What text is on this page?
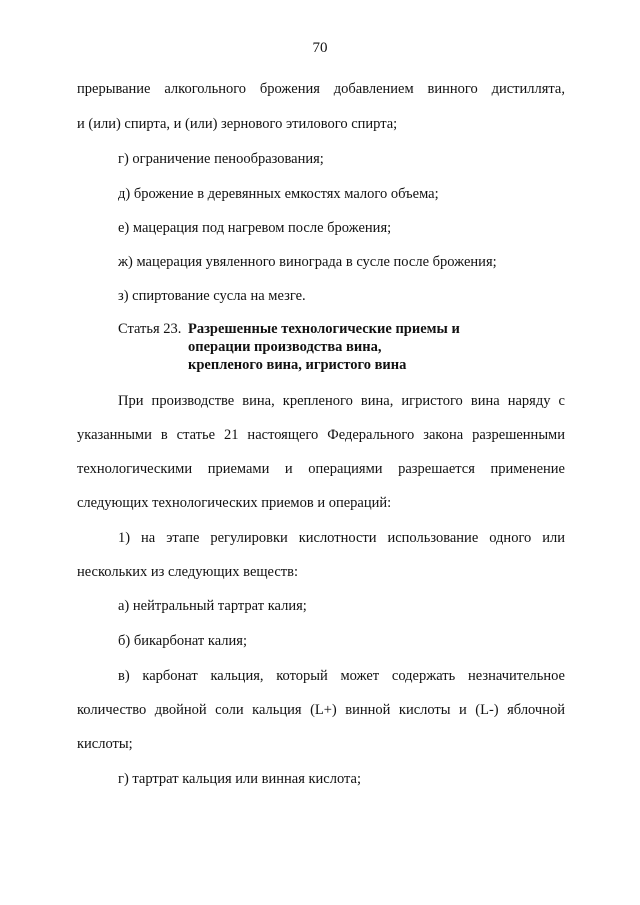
70
прерывание алкогольного брожения добавлением винного дистиллята,
и (или) спирта, и (или) зернового этилового спирта;
г) ограничение пенообразования;
д) брожение в деревянных емкостях малого объема;
е) мацерация под нагревом после брожения;
ж) мацерация увяленного винограда в сусле после брожения;
з) спиртование сусла на мезге.
Статья 23. Разрешенные технологические приемы и
операции производства вина,
крепленого вина, игристого вина
При производстве вина, крепленого вина, игристого вина наряду с
указанными в статье 21 настоящего Федерального закона разрешенными
технологическими приемами и операциями разрешается применение
следующих технологических приемов и операций:
1) на этапе регулировки кислотности использование одного или
нескольких из следующих веществ:
а) нейтральный тартрат калия;
б) бикарбонат калия;
в) карбонат кальция, который может содержать незначительное
количество двойной соли кальция (L+) винной кислоты и (L-) яблочной
кислоты;
г) тартрат кальция или винная кислота;
